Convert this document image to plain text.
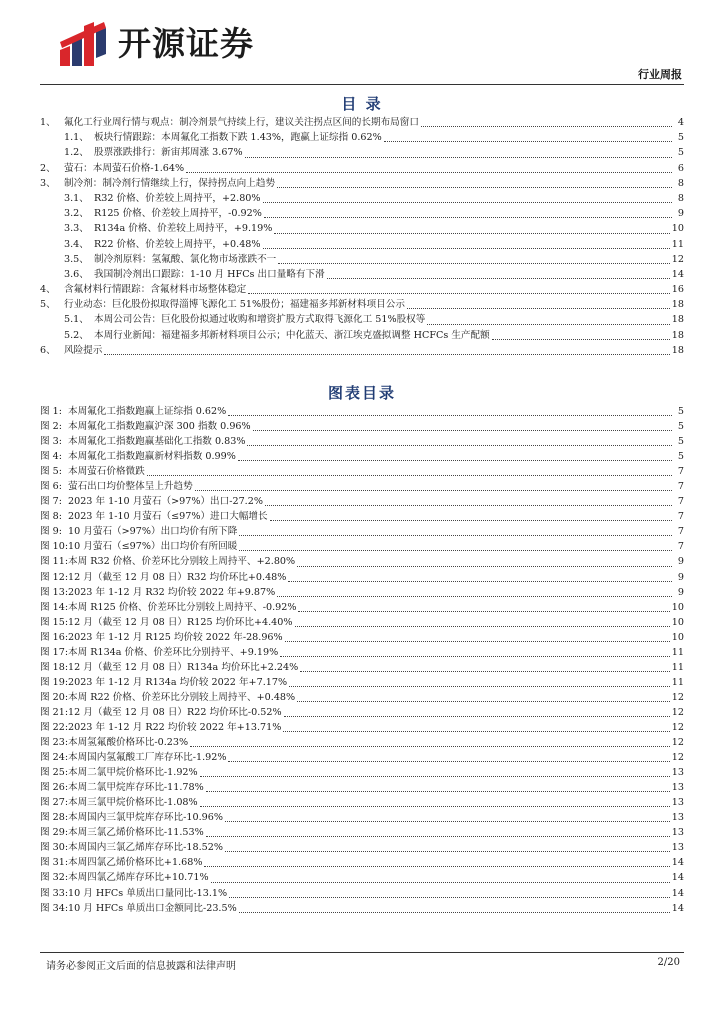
开源证券
行业周报
目 录
1、 氟化工行业周行情与观点：制冷剂景气持续上行，建议关注拐点区间的长期布局窗口	4
1.1、 板块行情跟踪：本周氟化工指数下跌 1.43%，跑赢上证综指 0.62%	5
1.2、 股票涨跌排行：新宙邦周涨 3.67%	5
2、 萤石：本周萤石价格-1.64%	6
3、 制冷剂：制冷剂行情继续上行，保持拐点向上趋势	8
3.1、 R32 价格、价差较上周持平，+2.80%	8
3.2、 R125 价格、价差较上周持平，-0.92%	9
3.3、 R134a 价格、价差较上周持平，+9.19%	10
3.4、 R22 价格、价差较上周持平，+0.48%	11
3.5、 制冷剂原料：氢氟酸、氯化物市场涨跌不一	12
3.6、 我国制冷剂出口跟踪：1-10 月 HFCs 出口量略有下滑	14
4、 含氟材料行情跟踪：含氟材料市场整体稳定	16
5、 行业动态：巨化股份拟取得淄博飞源化工 51%股份；福建福多邦新材料项目公示	18
5.1、 本周公司公告：巨化股份拟通过收购和增资扩股方式取得飞源化工 51%股权等	18
5.2、 本周行业新闻：福建福多邦新材料项目公示；中化蓝天、浙江埃克盛拟调整 HCFCs 生产配额	18
6、 风险提示	18
图表目录
图 1: 本周氟化工指数跑赢上证综指 0.62%	5
图 2: 本周氟化工指数跑赢沪深 300 指数 0.96%	5
图 3: 本周氟化工指数跑赢基础化工指数 0.83%	5
图 4: 本周氟化工指数跑赢新材料指数 0.99%	5
图 5: 本周萤石价格微跌	7
图 6: 萤石出口均价整体呈上升趋势	7
图 7: 2023 年 1-10 月萤石（>97%）出口-27.2%	7
图 8: 2023 年 1-10 月萤石（≤97%）进口大幅增长	7
图 9: 10 月萤石（>97%）出口均价有所下降	7
图 10: 10 月萤石（≤97%）出口均价有所回暖	7
图 11: 本周 R32 价格、价差环比分别较上周持平、+2.80%	9
图 12: 12 月（截至 12 月 08 日）R32 均价环比+0.48%	9
图 13: 2023 年 1-12 月 R32 均价较 2022 年+9.87%	9
图 14: 本周 R125 价格、价差环比分别较上周持平、-0.92%	10
图 15: 12 月（截至 12 月 08 日）R125 均价环比+4.40%	10
图 16: 2023 年 1-12 月 R125 均价较 2022 年-28.96%	10
图 17: 本周 R134a 价格、价差环比分别持平、+9.19%	11
图 18: 12 月（截至 12 月 08 日）R134a 均价环比+2.24%	11
图 19: 2023 年 1-12 月 R134a 均价较 2022 年+7.17%	11
图 20: 本周 R22 价格、价差环比分别较上周持平、+0.48%	12
图 21: 12 月（截至 12 月 08 日）R22 均价环比-0.52%	12
图 22: 2023 年 1-12 月 R22 均价较 2022 年+13.71%	12
图 23: 本周氢氟酸价格环比-0.23%	12
图 24: 本周国内氢氟酸工厂库存环比-1.92%	12
图 25: 本周二氯甲烷价格环比-1.92%	13
图 26: 本周二氯甲烷库存环比-11.78%	13
图 27: 本周三氯甲烷价格环比-1.08%	13
图 28: 本周国内三氯甲烷库存环比-10.96%	13
图 29: 本周三氯乙烯价格环比-11.53%	13
图 30: 本周国内三氯乙烯库存环比-18.52%	13
图 31: 本周四氯乙烯价格环比+1.68%	14
图 32: 本周四氯乙烯库存环比+10.71%	14
图 33: 10 月 HFCs 单质出口量同比-13.1%	14
图 34: 10 月 HFCs 单质出口金额同比-23.5%	14
请务必参阅正文后面的信息披露和法律声明	2/20
